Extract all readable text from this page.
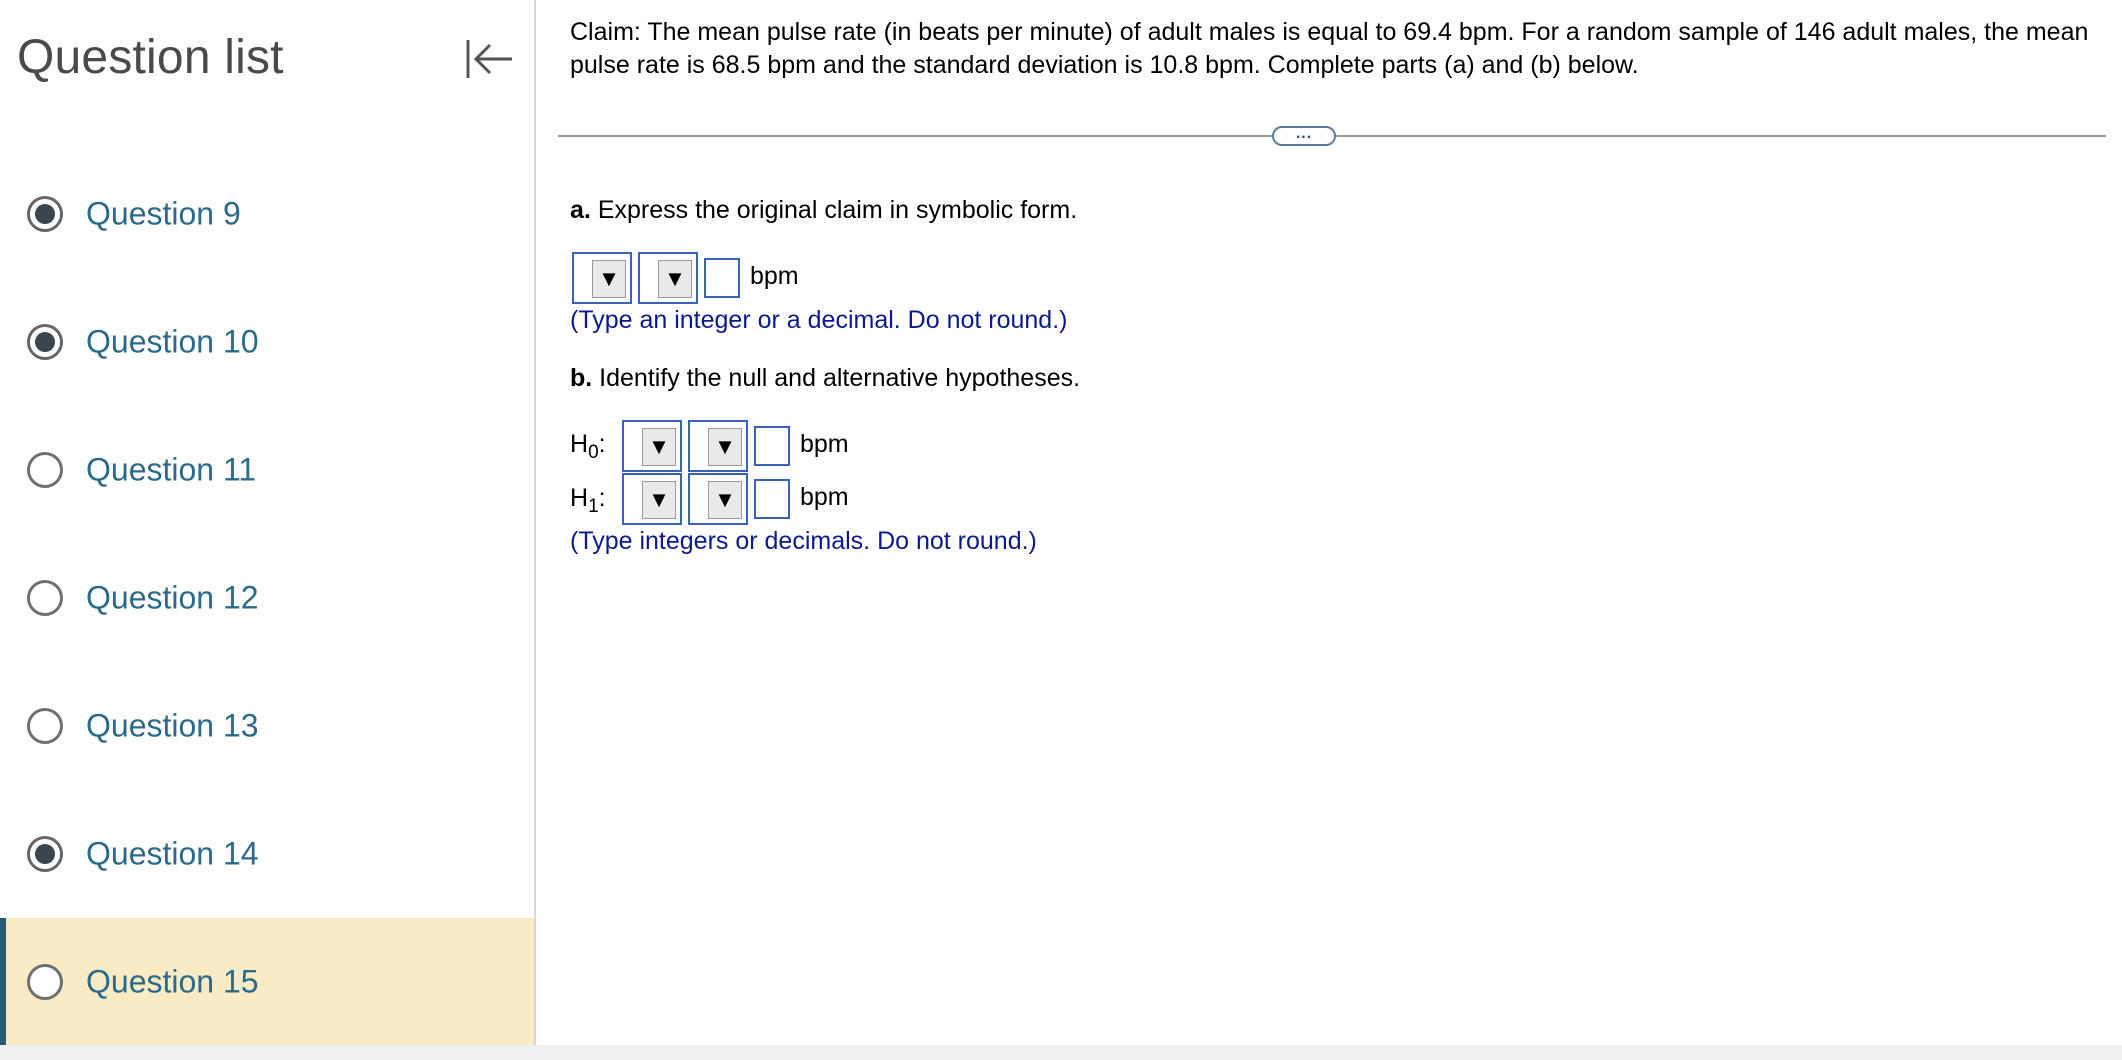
Question list
Question 9
Question 10
Question 11
Question 12
Question 13
Question 14
Question 15

Claim: The mean pulse rate (in beats per minute) of adult males is equal to 69.4 bpm. For a random sample of 146 adult males, the mean pulse rate is 68.5 bpm and the standard deviation is 10.8 bpm. Complete parts (a) and (b) below.

...
a. Express the original claim in symbolic form.
▼ ▼	bpm
(Type an integer or a decimal. Do not round.)
b. Identify the null and alternative hypotheses.
$H_0$: ▼ ▼	bpm
$H_1$: ▼ ▼	bpm
(Type integers or decimals. Do not round.)
